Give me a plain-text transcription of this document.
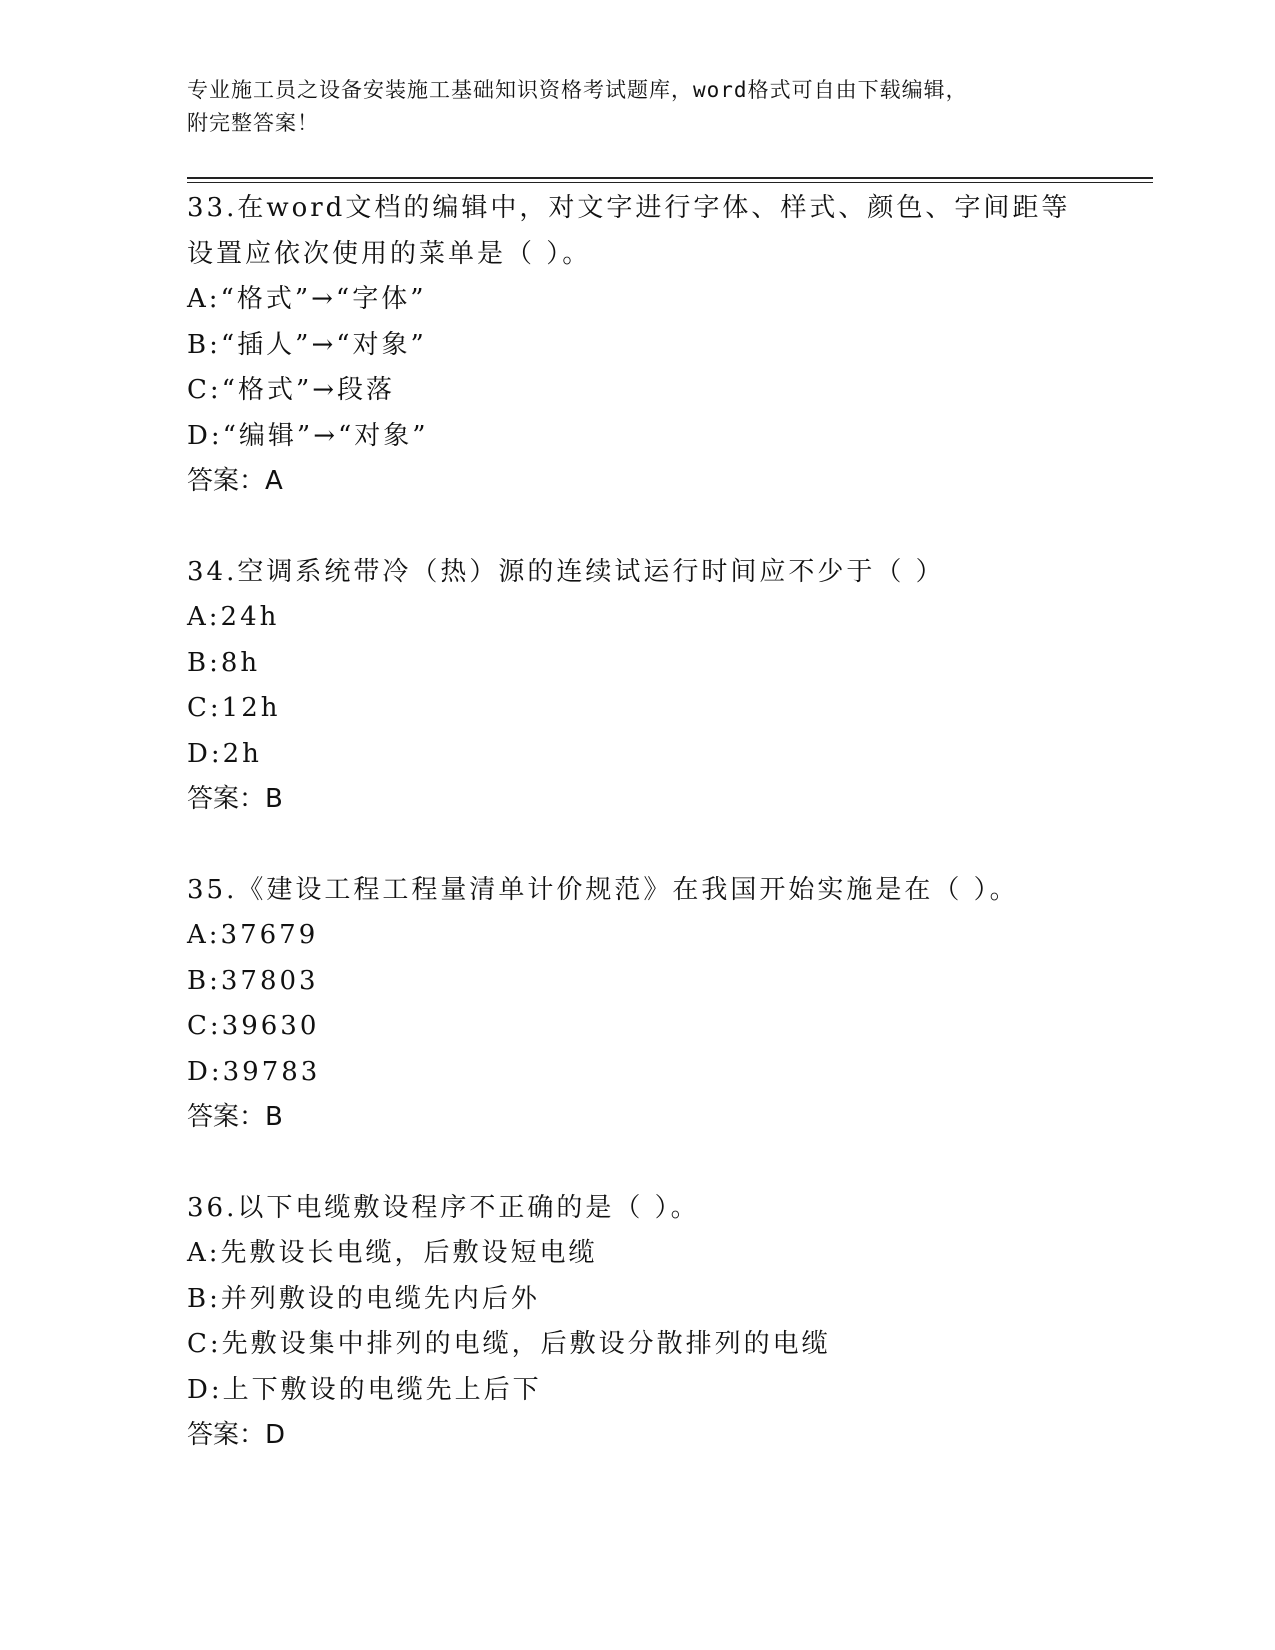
专业施工员之设备安装施工基础知识资格考试题库，word格式可自由下载编辑，
附完整答案！
33.在word文档的编辑中，对文字进行字体、样式、颜色、字间距等
设置应依次使用的菜单是（ ）。
A:“格式”→“字体”
B:“插人”→“对象”
C:“格式”→段落
D:“编辑”→“对象”
答案：A
34.空调系统带冷（热）源的连续试运行时间应不少于（ ）
A:24h
B:8h
C:12h
D:2h
答案：B
35.《建设工程工程量清单计价规范》在我国开始实施是在（ ）。
A:37679
B:37803
C:39630
D:39783
答案：B
36.以下电缆敷设程序不正确的是（ ）。
A:先敷设长电缆，后敷设短电缆
B:并列敷设的电缆先内后外
C:先敷设集中排列的电缆，后敷设分散排列的电缆
D:上下敷设的电缆先上后下
答案：D
